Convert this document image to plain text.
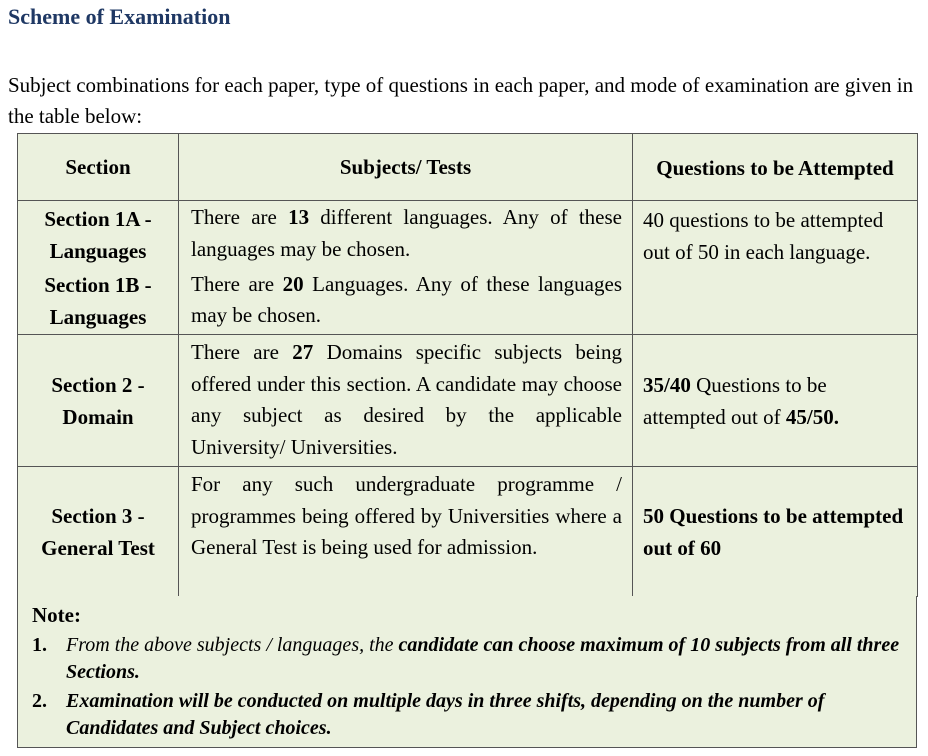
Scheme of Examination

Subject combinations for each paper, type of questions in each paper, and mode of examination are given in the table below:

Section	Subjects/ Tests	Questions to be Attempted
Section 1A -
Languages	There are 13 different languages. Any of these languages may be chosen.	40 questions to be attempted out of 50 in each language.
Section 1B -
Languages	There are 20 Languages. Any of these languages may be chosen.	
Section 2 -
Domain	There are 27 Domains specific subjects being offered under this section. A candidate may choose any subject as desired by the applicable University/ Universities.	35/40 Questions to be attempted out of 45/50.
Section 3 -
General Test	For any such undergraduate programme / programmes being offered by Universities where a General Test is being used for admission.	50 Questions to be attempted out of 60

Note:

1. From the above subjects / languages, the candidate can choose maximum of 10 subjects from all three Sections.
2. Examination will be conducted on multiple days in three shifts, depending on the number of Candidates and Subject choices.
